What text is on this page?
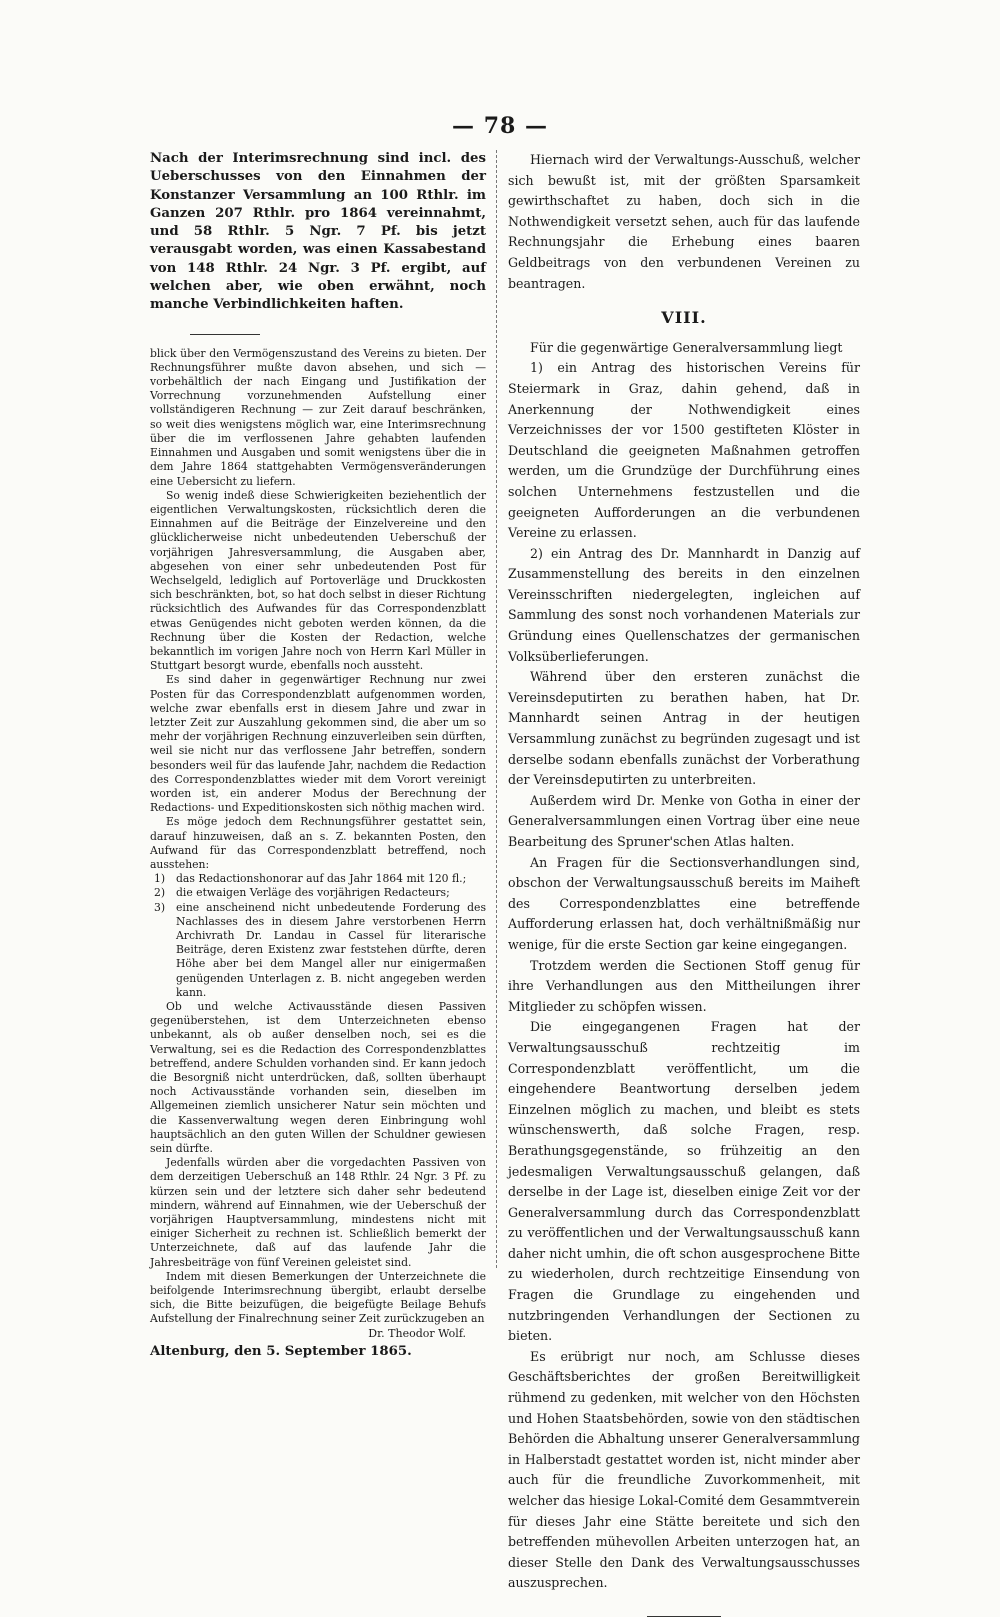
— 78 —

Nach der Interimsrechnung sind incl. des Ueberschusses von den Einnahmen der Konstanzer Versammlung an 100 Rthlr. im Ganzen 207 Rthlr. pro 1864 vereinnahmt, und 58 Rthlr. 5 Ngr. 7 Pf. bis jetzt verausgabt worden, was einen Kassabestand von 148 Rthlr. 24 Ngr. 3 Pf. ergibt, auf welchen aber, wie oben erwähnt, noch manche Verbindlichkeiten haften.

blick über den Vermögenszustand des Vereins zu bieten. Der Rechnungsführer mußte davon absehen, und sich — vorbehältlich der nach Eingang und Justifikation der Vorrechnung vorzunehmenden Aufstellung einer vollständigeren Rechnung — zur Zeit darauf beschränken, so weit dies wenigstens möglich war, eine Interimsrechnung über die im verflossenen Jahre gehabten laufenden Einnahmen und Ausgaben und somit wenigstens über die in dem Jahre 1864 stattgehabten Vermögensveränderungen eine Uebersicht zu liefern.

So wenig indeß diese Schwierigkeiten beziehentlich der eigentlichen Verwaltungskosten, rücksichtlich deren die Einnahmen auf die Beiträge der Einzelvereine und den glücklicherweise nicht unbedeutenden Ueberschuß der vorjährigen Jahresversammlung, die Ausgaben aber, abgesehen von einer sehr unbedeutenden Post für Wechselgeld, lediglich auf Portoverläge und Druckkosten sich beschränkten, bot, so hat doch selbst in dieser Richtung rücksichtlich des Aufwandes für das Correspondenzblatt etwas Genügendes nicht geboten werden können, da die Rechnung über die Kosten der Redaction, welche bekanntlich im vorigen Jahre noch von Herrn Karl Müller in Stuttgart besorgt wurde, ebenfalls noch aussteht.

Es sind daher in gegenwärtiger Rechnung nur zwei Posten für das Correspondenzblatt aufgenommen worden, welche zwar ebenfalls erst in diesem Jahre und zwar in letzter Zeit zur Auszahlung gekommen sind, die aber um so mehr der vorjährigen Rechnung einzuverleiben sein dürften, weil sie nicht nur das verflossene Jahr betreffen, sondern besonders weil für das laufende Jahr, nachdem die Redaction des Correspondenzblattes wieder mit dem Vorort vereinigt worden ist, ein anderer Modus der Berechnung der Redactions- und Expeditionskosten sich nöthig machen wird.

Es möge jedoch dem Rechnungsführer gestattet sein, darauf hinzuweisen, daß an s. Z. bekannten Posten, den Aufwand für das Correspondenzblatt betreffend, noch ausstehen:

1) das Redactionshonorar auf das Jahr 1864 mit 120 fl.;
2) die etwaigen Verläge des vorjährigen Redacteurs;
3) eine anscheinend nicht unbedeutende Forderung des Nachlasses des in diesem Jahre verstorbenen Herrn Archivrath Dr. Landau in Cassel für literarische Beiträge, deren Existenz zwar feststehen dürfte, deren Höhe aber bei dem Mangel aller nur einigermaßen genügenden Unterlagen z. B. nicht angegeben werden kann.

Ob und welche Activausstände diesen Passiven gegenüberstehen, ist dem Unterzeichneten ebenso unbekannt, als ob außer denselben noch, sei es die Verwaltung, sei es die Redaction des Correspondenzblattes betreffend, andere Schulden vorhanden sind. Er kann jedoch die Besorgniß nicht unterdrücken, daß, sollten überhaupt noch Activausstände vorhanden sein, dieselben im Allgemeinen ziemlich unsicherer Natur sein möchten und die Kassenverwaltung wegen deren Einbringung wohl hauptsächlich an den guten Willen der Schuldner gewiesen sein dürfte.

Jedenfalls würden aber die vorgedachten Passiven von dem derzeitigen Ueberschuß an 148 Rthlr. 24 Ngr. 3 Pf. zu kürzen sein und der letztere sich daher sehr bedeutend mindern, während auf Einnahmen, wie der Ueberschuß der vorjährigen Hauptversammlung, mindestens nicht mit einiger Sicherheit zu rechnen ist. Schließlich bemerkt der Unterzeichnete, daß auf das laufende Jahr die Jahresbeiträge von fünf Vereinen geleistet sind.

Indem mit diesen Bemerkungen der Unterzeichnete die beifolgende Interimsrechnung übergibt, erlaubt derselbe sich, die Bitte beizufügen, die beigefügte Beilage Behufs Aufstellung der Finalrechnung seiner Zeit zurückzugeben an

Dr. Theodor Wolf.
Altenburg, den 5. September 1865.

Hiernach wird der Verwaltungs-Ausschuß, welcher sich bewußt ist, mit der größten Sparsamkeit gewirthschaftet zu haben, doch sich in die Nothwendigkeit versetzt sehen, auch für das laufende Rechnungsjahr die Erhebung eines baaren Geldbeitrags von den verbundenen Vereinen zu beantragen.

VIII.

Für die gegenwärtige Generalversammlung liegt

1) ein Antrag des historischen Vereins für Steiermark in Graz, dahin gehend, daß in Anerkennung der Nothwendigkeit eines Verzeichnisses der vor 1500 gestifteten Klöster in Deutschland die geeigneten Maßnahmen getroffen werden, um die Grundzüge der Durchführung eines solchen Unternehmens festzustellen und die geeigneten Aufforderungen an die verbundenen Vereine zu erlassen.

2) ein Antrag des Dr. Mannhardt in Danzig auf Zusammenstellung des bereits in den einzelnen Vereinsschriften niedergelegten, ingleichen auf Sammlung des sonst noch vorhandenen Materials zur Gründung eines Quellenschatzes der germanischen Volksüberlieferungen.

Während über den ersteren zunächst die Vereinsdeputirten zu berathen haben, hat Dr. Mannhardt seinen Antrag in der heutigen Versammlung zunächst zu begründen zugesagt und ist derselbe sodann ebenfalls zunächst der Vorberathung der Vereinsdeputirten zu unterbreiten.

Außerdem wird Dr. Menke von Gotha in einer der Generalversammlungen einen Vortrag über eine neue Bearbeitung des Spruner'schen Atlas halten.

An Fragen für die Sectionsverhandlungen sind, obschon der Verwaltungsausschuß bereits im Maiheft des Correspondenzblattes eine betreffende Aufforderung erlassen hat, doch verhältnißmäßig nur wenige, für die erste Section gar keine eingegangen.

Trotzdem werden die Sectionen Stoff genug für ihre Verhandlungen aus den Mittheilungen ihrer Mitglieder zu schöpfen wissen.

Die eingegangenen Fragen hat der Verwaltungsausschuß rechtzeitig im Correspondenzblatt veröffentlicht, um die eingehendere Beantwortung derselben jedem Einzelnen möglich zu machen, und bleibt es stets wünschenswerth, daß solche Fragen, resp. Berathungsgegenstände, so frühzeitig an den jedesmaligen Verwaltungsausschuß gelangen, daß derselbe in der Lage ist, dieselben einige Zeit vor der Generalversammlung durch das Correspondenzblatt zu veröffentlichen und der Verwaltungsausschuß kann daher nicht umhin, die oft schon ausgesprochene Bitte zu wiederholen, durch rechtzeitige Einsendung von Fragen die Grundlage zu eingehenden und nutzbringenden Verhandlungen der Sectionen zu bieten.

Es erübrigt nur noch, am Schlusse dieses Geschäftsberichtes der großen Bereitwilligkeit rühmend zu gedenken, mit welcher von den Höchsten und Hohen Staatsbehörden, sowie von den städtischen Behörden die Abhaltung unserer Generalversammlung in Halberstadt gestattet worden ist, nicht minder aber auch für die freundliche Zuvorkommenheit, mit welcher das hiesige Lokal-Comité dem Gesammtverein für dieses Jahr eine Stätte bereitete und sich den betreffenden mühevollen Arbeiten unterzogen hat, an dieser Stelle den Dank des Verwaltungsausschusses auszusprechen.
